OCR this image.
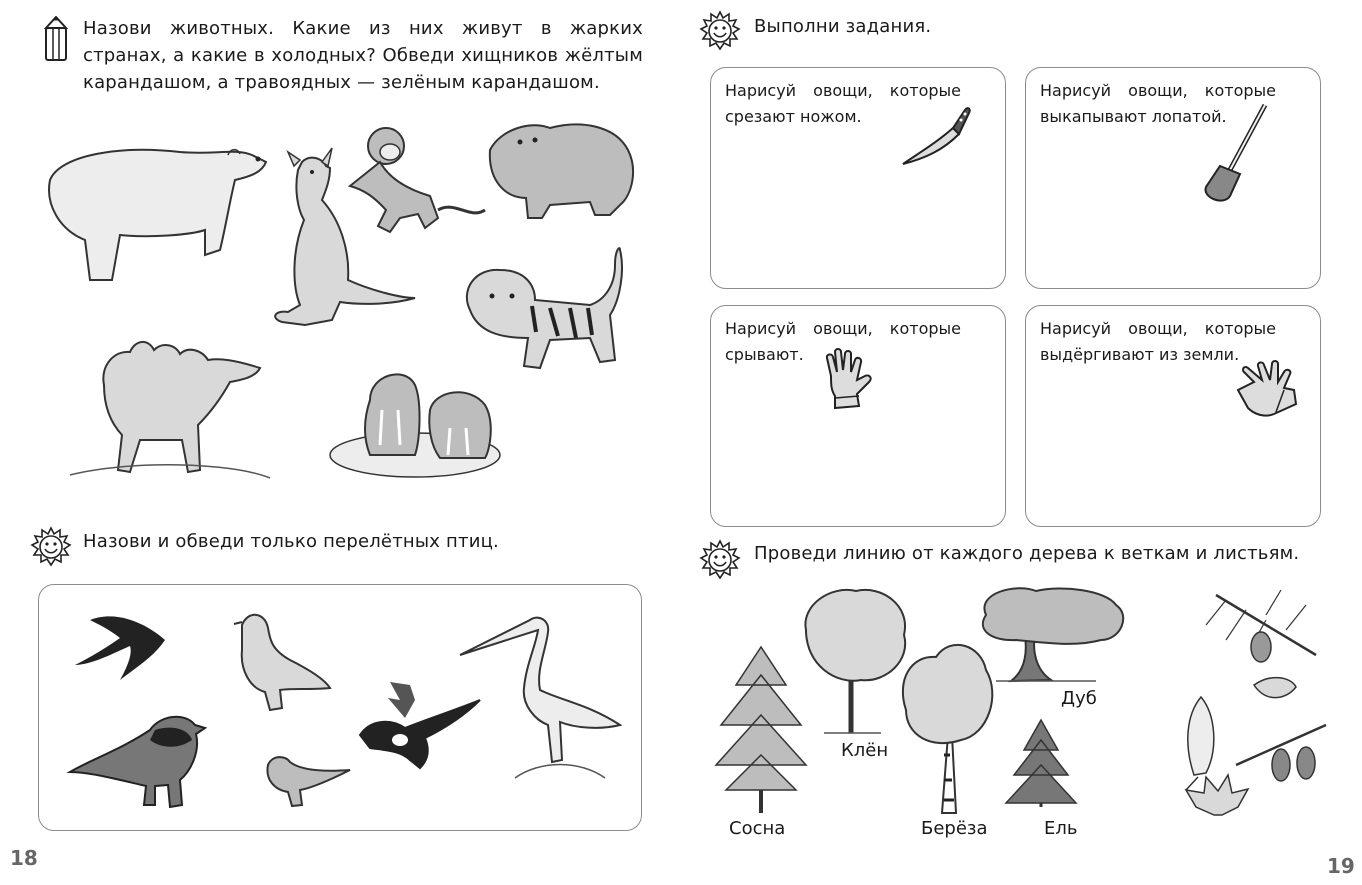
Назови животных. Какие из них живут в жарких странах, а какие в холодных? Обведи хищников жёлтым карандашом, а травоядных — зелёным карандашом.
Назови и обведи только перелётных птиц.
18
Выполни задания.
Нарисуй овощи, которые срезают ножом.
Нарисуй овощи, которые выкапывают лопатой.
Нарисуй овощи, которые срывают.
Нарисуй овощи, которые выдёргивают из земли.
Проведи линию от каждого дерева к веткам и листьям.
Клён
Дуб
Сосна	Берёза	Ель
19
